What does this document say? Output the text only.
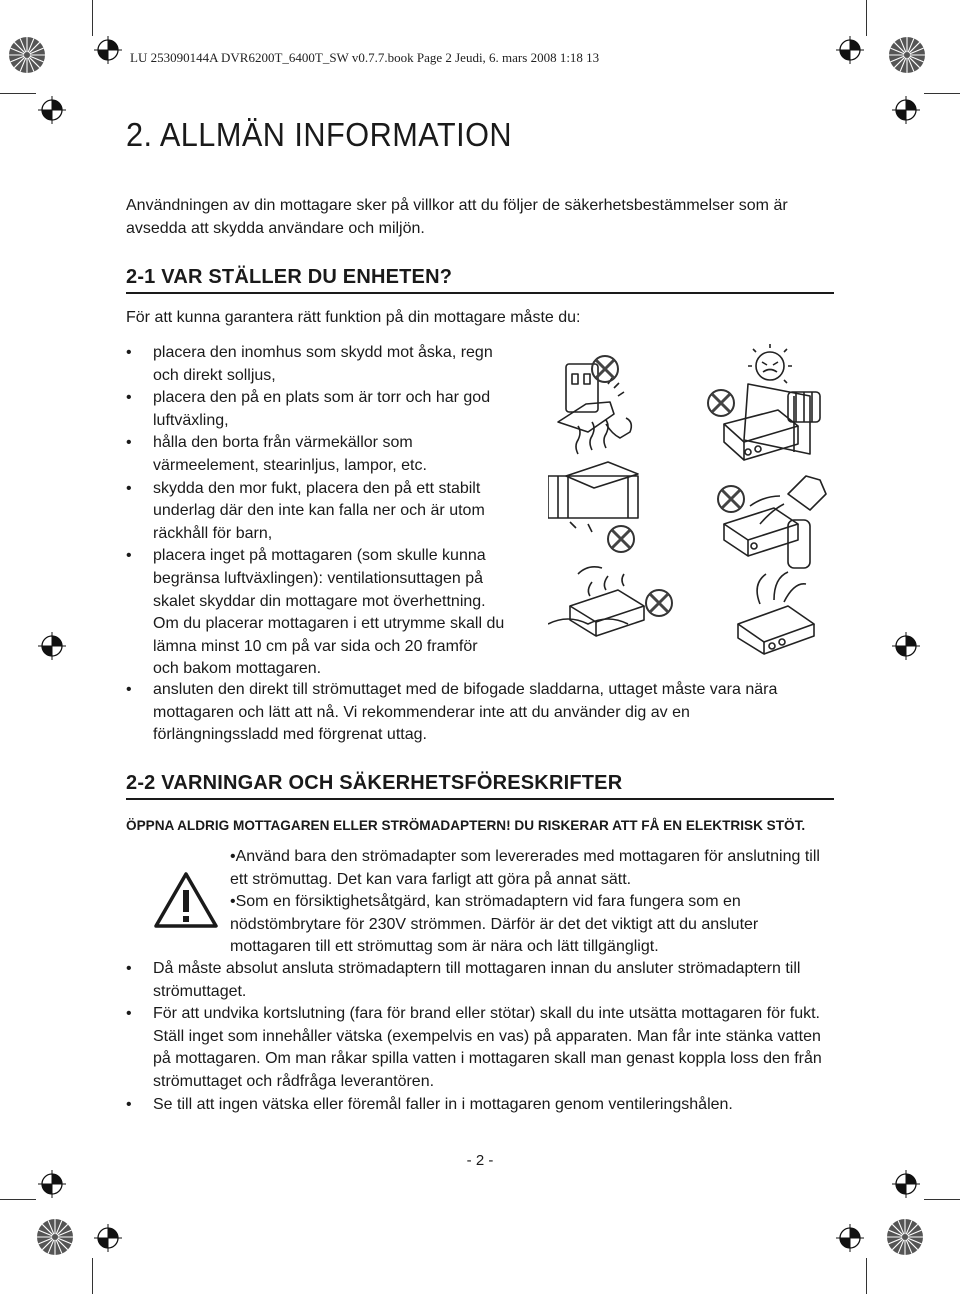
LU 253090144A DVR6200T_6400T_SW v0.7.7.book Page 2 Jeudi, 6. mars 2008 1:18 13
2. ALLMÄN INFORMATION
Användningen av din mottagare sker på villkor att du följer de säkerhetsbestämmelser som är avsedda att skydda användare och miljön.
2-1 VAR STÄLLER DU ENHETEN?
För att kunna garantera rätt funktion på din mottagare måste du:
• placera den inomhus som skydd mot åska, regn och direkt solljus,
• placera den på en plats som är torr och har god luftväxling,
• hålla den borta från värmekällor som värmeelement, stearinljus, lampor, etc.
• skydda den mor fukt, placera den på ett stabilt underlag där den inte kan falla ner och är utom räckhåll för barn,
• placera inget på mottagaren (som skulle kunna begränsa luftväxlingen): ventilationsuttagen på skalet skyddar din mottagare mot överhettning. Om du placerar mottagaren i ett utrymme skall du lämna minst 10 cm på var sida och 20 framför och bakom mottagaren.
• ansluten den direkt till strömuttaget med de bifogade sladdarna, uttaget måste vara nära mottagaren och lätt att nå. Vi rekommenderar inte att du använder dig av en förlängningssladd med förgrenat uttag.
2-2 VARNINGAR OCH SÄKERHETSFÖRESKRIFTER
ÖPPNA ALDRIG MOTTAGAREN ELLER STRÖMADAPTERN! DU RISKERAR ATT FÅ EN ELEKTRISK STÖT.

•Använd bara den strömadapter som levererades med mottagaren för anslutning till ett strömuttag. Det kan vara farligt att göra på annat sätt.

•Som en försiktighetsåtgärd, kan strömadaptern vid fara fungera som en nödstömbrytare för 230V strömmen. Därför är det det viktigt att du ansluter mottagaren till ett strömuttag som är nära och lätt tillgängligt.

• Då måste absolut ansluta strömadaptern till mottagaren innan du ansluter strömadaptern till strömuttaget.
• För att undvika kortslutning (fara för brand eller stötar) skall du inte utsätta mottagaren för fukt. Ställ inget som innehåller vätska (exempelvis en vas) på apparaten. Man får inte stänka vatten på mottagaren. Om man råkar spilla vatten i mottagaren skall man genast koppla loss den från strömuttaget och rådfråga leverantören.
• Se till att ingen vätska eller föremål faller in i mottagaren genom ventileringshålen.
- 2 -
